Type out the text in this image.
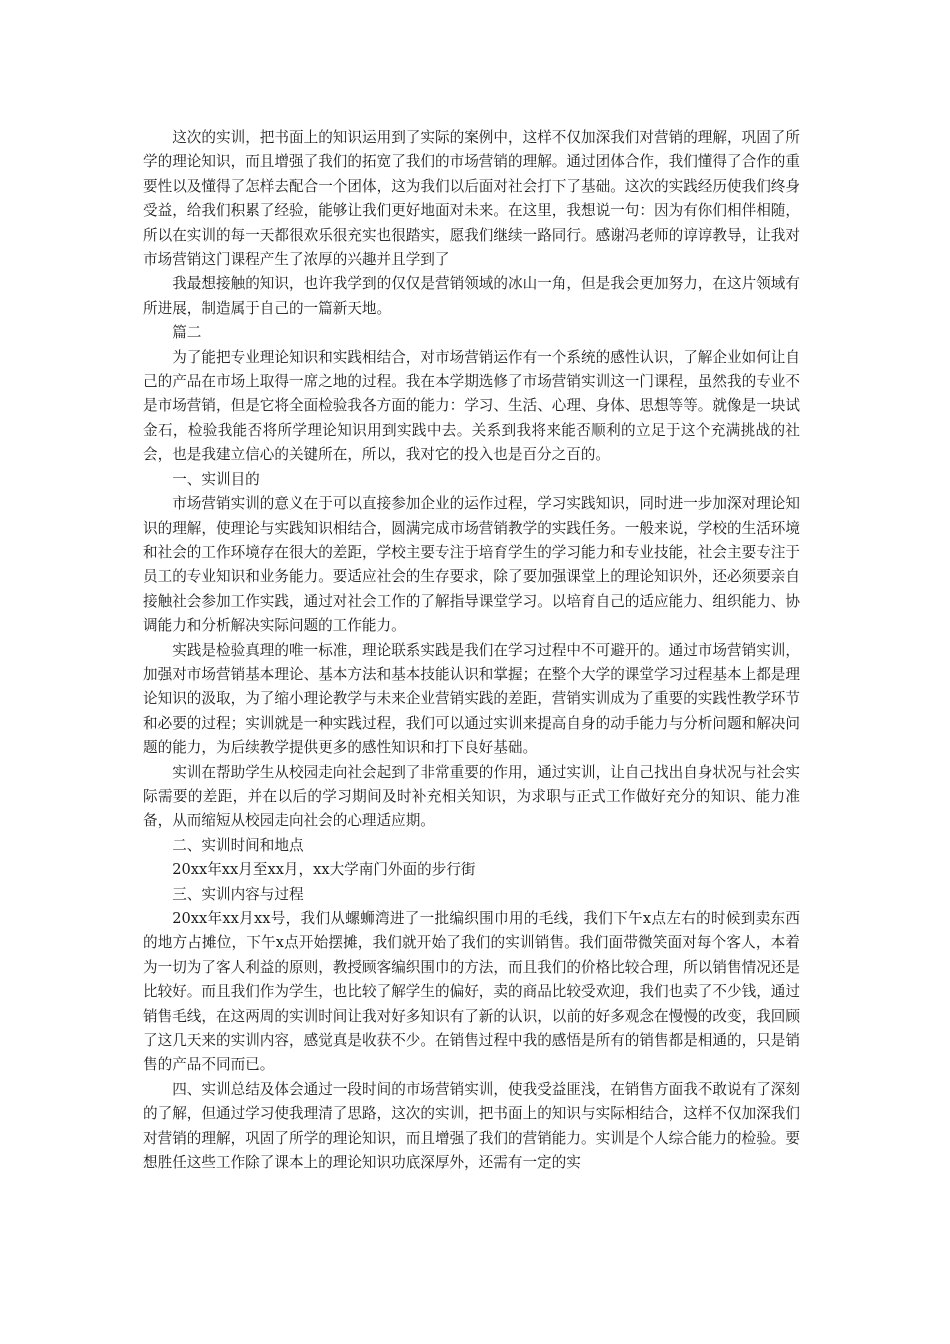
这次的实训，把书面上的知识运用到了实际的案例中，这样不仅加深我们对营销的理解，巩固了所学的理论知识，而且增强了我们的拓宽了我们的市场营销的理解。通过团体合作，我们懂得了合作的重要性以及懂得了怎样去配合一个团体，这为我们以后面对社会打下了基础。这次的实践经历使我们终身受益，给我们积累了经验，能够让我们更好地面对未来。在这里，我想说一句：因为有你们相伴相随，所以在实训的每一天都很欢乐很充实也很踏实，愿我们继续一路同行。感谢冯老师的谆谆教导，让我对市场营销这门课程产生了浓厚的兴趣并且学到了

我最想接触的知识，也许我学到的仅仅是营销领域的冰山一角，但是我会更加努力，在这片领域有所进展，制造属于自己的一篇新天地。

篇二

为了能把专业理论知识和实践相结合，对市场营销运作有一个系统的感性认识，了解企业如何让自己的产品在市场上取得一席之地的过程。我在本学期选修了市场营销实训这一门课程，虽然我的专业不是市场营销，但是它将全面检验我各方面的能力：学习、生活、心理、身体、思想等等。就像是一块试金石，检验我能否将所学理论知识用到实践中去。关系到我将来能否顺利的立足于这个充满挑战的社会，也是我建立信心的关键所在，所以，我对它的投入也是百分之百的。

一、实训目的

市场营销实训的意义在于可以直接参加企业的运作过程，学习实践知识，同时进一步加深对理论知识的理解，使理论与实践知识相结合，圆满完成市场营销教学的实践任务。一般来说，学校的生活环境和社会的工作环境存在很大的差距，学校主要专注于培育学生的学习能力和专业技能，社会主要专注于员工的专业知识和业务能力。要适应社会的生存要求，除了要加强课堂上的理论知识外，还必须要亲自接触社会参加工作实践，通过对社会工作的了解指导课堂学习。以培育自己的适应能力、组织能力、协调能力和分析解决实际问题的工作能力。

实践是检验真理的唯一标准，理论联系实践是我们在学习过程中不可避开的。通过市场营销实训，加强对市场营销基本理论、基本方法和基本技能认识和掌握；在整个大学的课堂学习过程基本上都是理论知识的汲取，为了缩小理论教学与未来企业营销实践的差距，营销实训成为了重要的实践性教学环节和必要的过程；实训就是一种实践过程，我们可以通过实训来提高自身的动手能力与分析问题和解决问题的能力，为后续教学提供更多的感性知识和打下良好基础。

实训在帮助学生从校园走向社会起到了非常重要的作用，通过实训，让自己找出自身状况与社会实际需要的差距，并在以后的学习期间及时补充相关知识，为求职与正式工作做好充分的知识、能力准备，从而缩短从校园走向社会的心理适应期。

二、实训时间和地点

20xx年xx月至xx月，xx大学南门外面的步行街

三、实训内容与过程

20xx年xx月xx号，我们从螺蛳湾进了一批编织围巾用的毛线，我们下午x点左右的时候到卖东西的地方占摊位，下午x点开始摆摊，我们就开始了我们的实训销售。我们面带微笑面对每个客人，本着为一切为了客人利益的原则，教授顾客编织围巾的方法，而且我们的价格比较合理，所以销售情况还是比较好。而且我们作为学生，也比较了解学生的偏好，卖的商品比较受欢迎，我们也卖了不少钱，通过销售毛线，在这两周的实训时间让我对好多知识有了新的认识，以前的好多观念在慢慢的改变，我回顾了这几天来的实训内容，感觉真是收获不少。在销售过程中我的感悟是所有的销售都是相通的，只是销售的产品不同而已。

四、实训总结及体会通过一段时间的市场营销实训，使我受益匪浅，在销售方面我不敢说有了深刻的了解，但通过学习使我理清了思路，这次的实训，把书面上的知识与实际相结合，这样不仅加深我们对营销的理解，巩固了所学的理论知识，而且增强了我们的营销能力。实训是个人综合能力的检验。要想胜任这些工作除了课本上的理论知识功底深厚外，还需有一定的实
